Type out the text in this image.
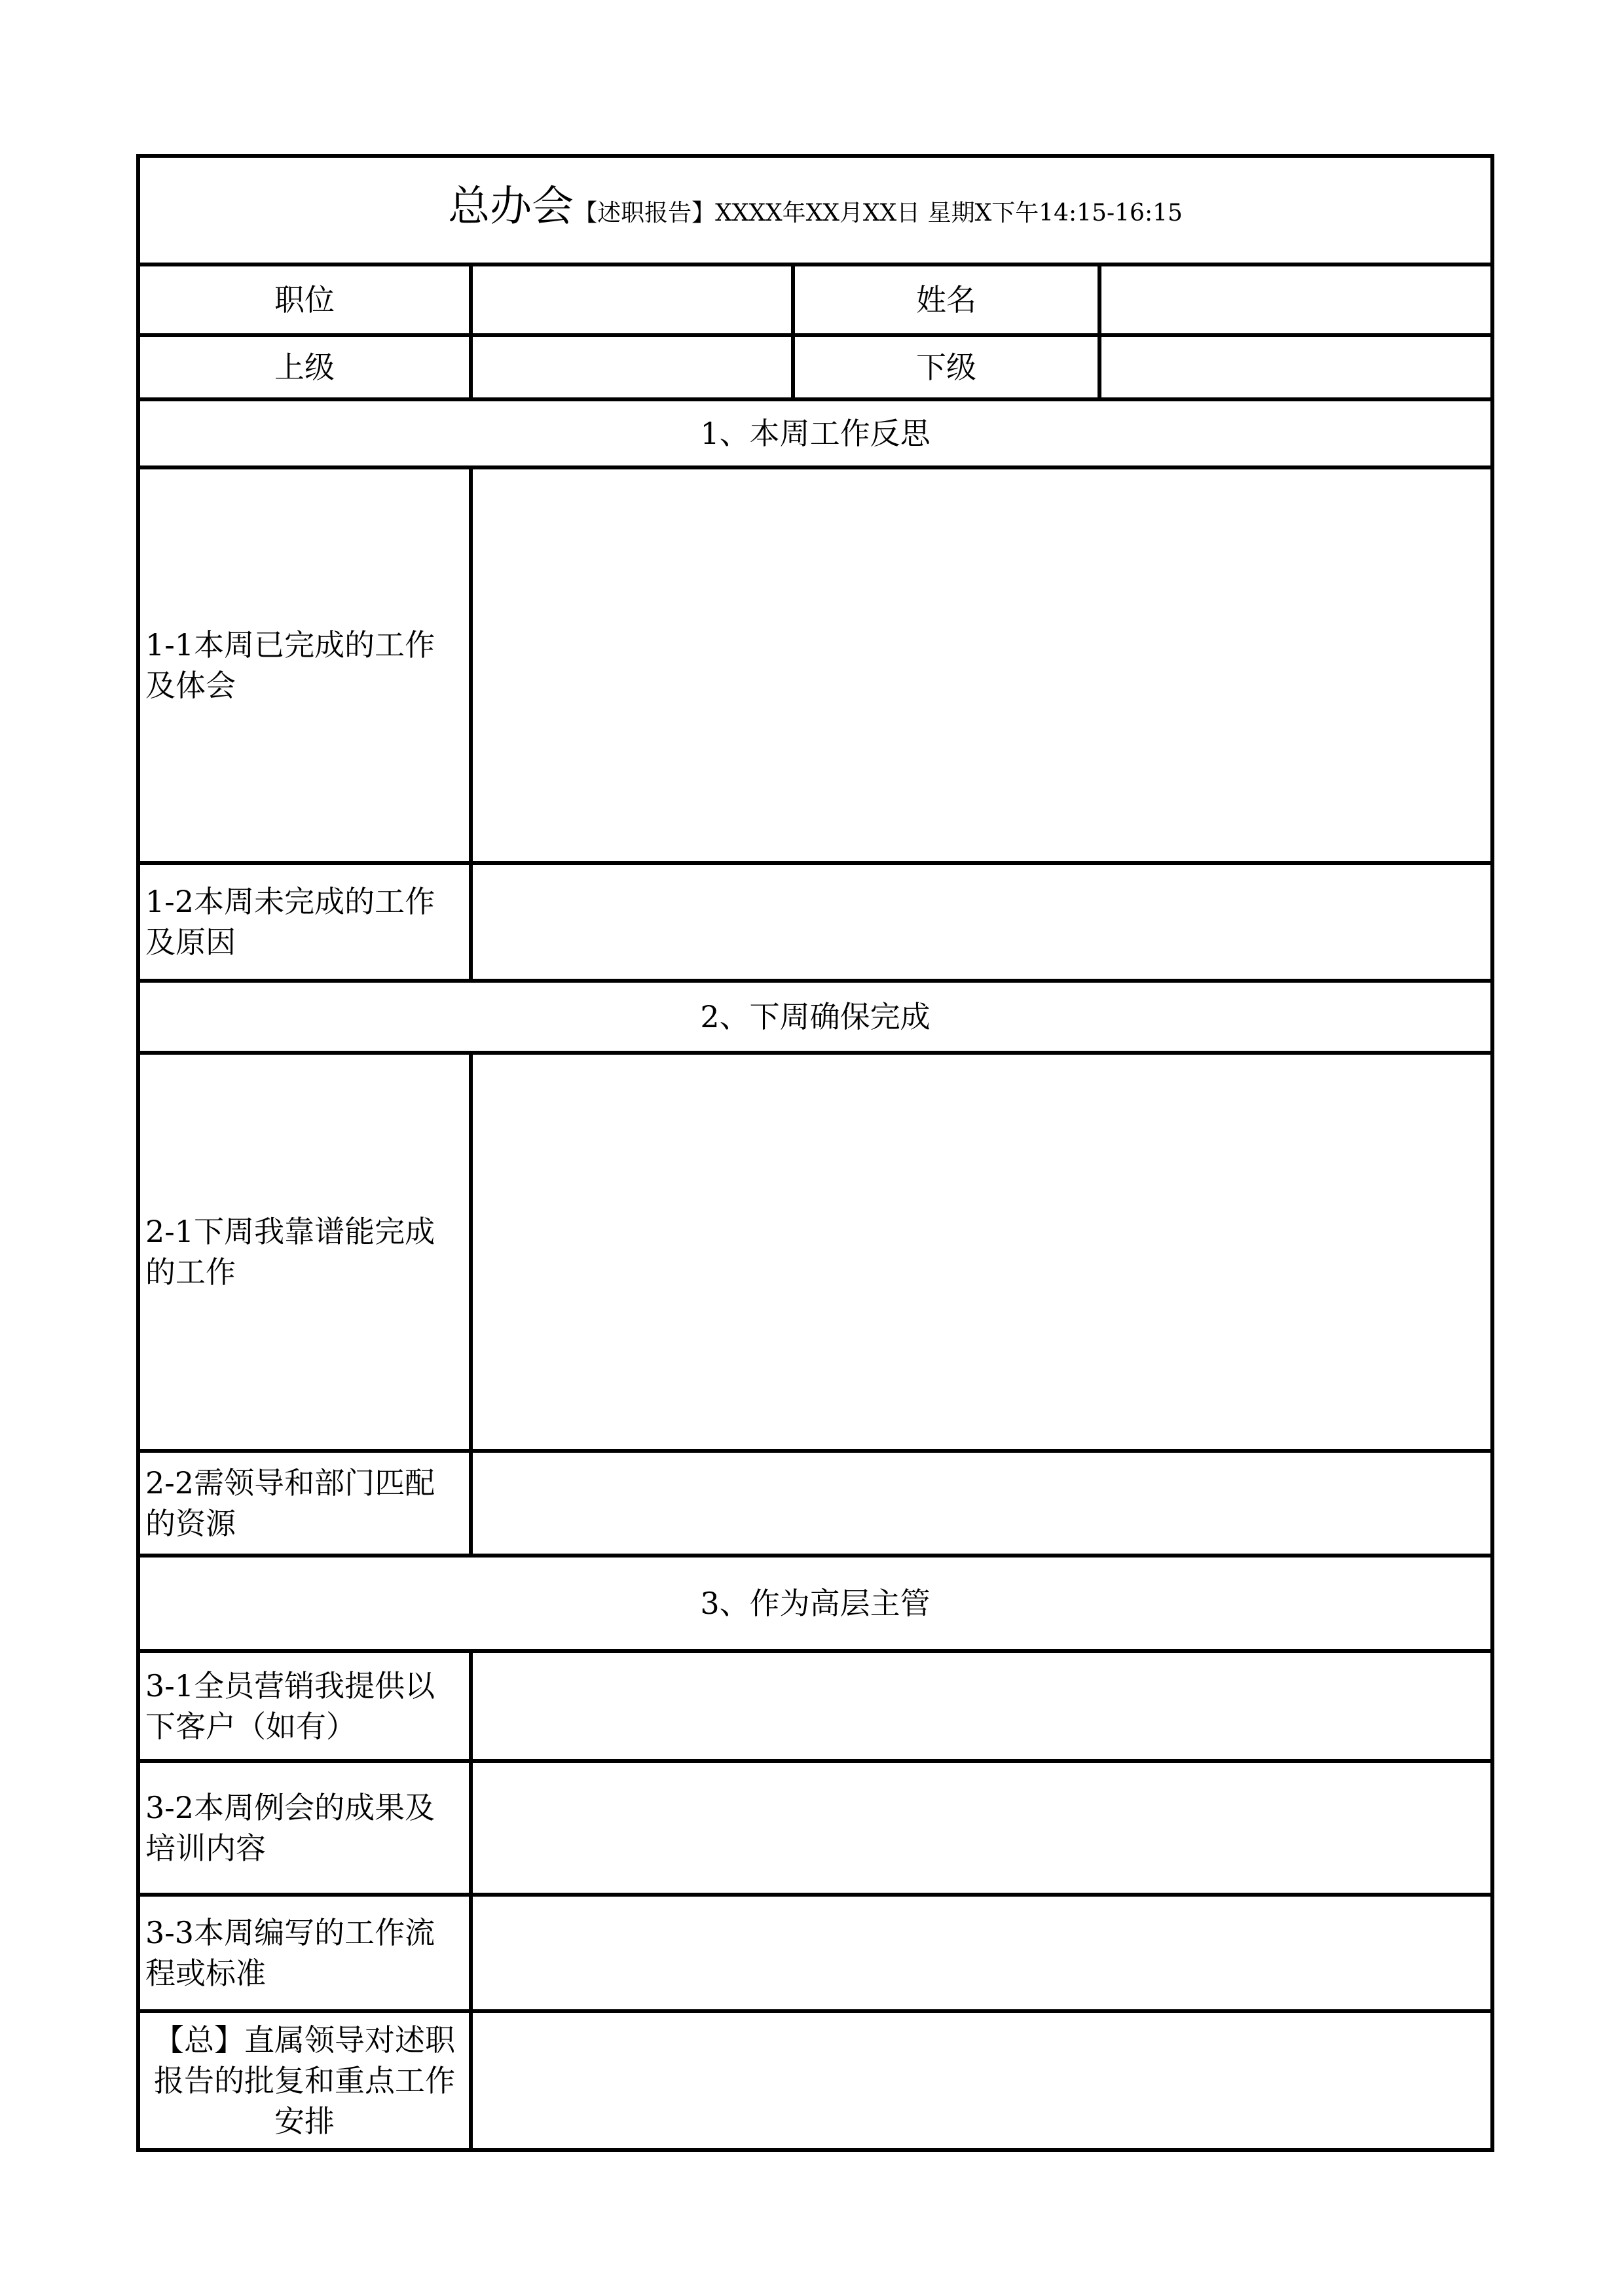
总办会【述职报告】XXXX年XX月XX日 星期X下午14:15-16:15			
职位		姓名	
上级		下级	
1、本周工作反思			
1-1本周已完成的工作及体会			
1-2本周未完成的工作及原因			
2、下周确保完成			
2-1下周我靠谱能完成的工作			
2-2需领导和部门匹配的资源			
3、作为高层主管			
3-1全员营销我提供以下客户（如有）			
3-2本周例会的成果及培训内容			
3-3本周编写的工作流程或标准			
【总】直属领导对述职报告的批复和重点工作安排			
